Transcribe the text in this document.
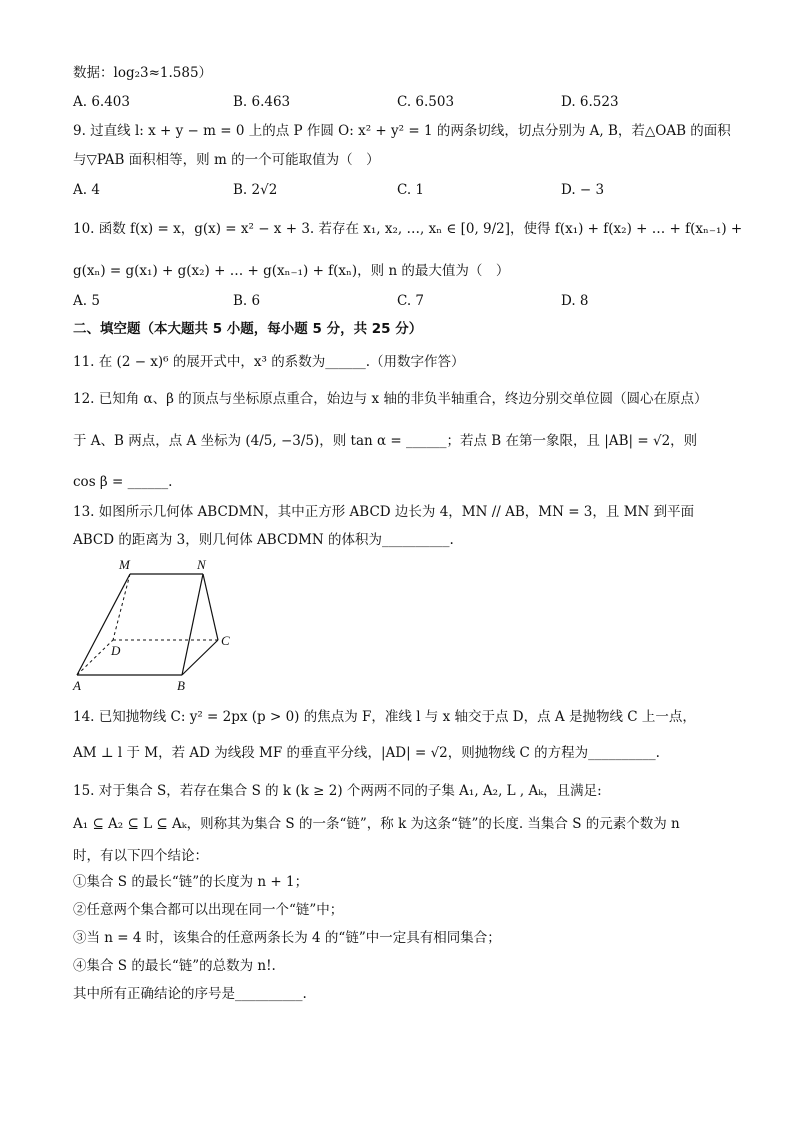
数据：log₂3≈1.585）
A. 6.403	B. 6.463	C. 6.503	D. 6.523
9. 过直线 l: x + y − m = 0 上的点 P 作圆 O: x² + y² = 1 的两条切线，切点分别为 A, B，若△OAB 的面积
与▽PAB 面积相等，则 m 的一个可能取值为（　）
A. 4	B. 2√2	C. 1	D. − 3
10. 函数 f(x) = x，g(x) = x² − x + 3. 若存在 x₁, x₂, …, xₙ ∈ [0, 9/2]，使得 f(x₁) + f(x₂) + … + f(xₙ₋₁) +
g(xₙ) = g(x₁) + g(x₂) + … + g(xₙ₋₁) + f(xₙ)，则 n 的最大值为（　）
A. 5	B. 6	C. 7	D. 8
二、填空题（本大题共 5 小题，每小题 5 分，共 25 分）
11. 在 (2 − x)⁶ 的展开式中，x³ 的系数为______.（用数字作答）
12. 已知角 α、β 的顶点与坐标原点重合，始边与 x 轴的非负半轴重合，终边分别交单位圆（圆心在原点）
于 A、B 两点，点 A 坐标为 (4/5, −3/5)，则 tan α = ______；若点 B 在第一象限，且 |AB| = √2，则
cos β = ______.
13. 如图所示几何体 ABCDMN，其中正方形 ABCD 边长为 4，MN // AB，MN = 3，且 MN 到平面
ABCD 的距离为 3，则几何体 ABCDMN 的体积为__________.
M	N
C
D
A	B
14. 已知抛物线 C: y² = 2px (p > 0) 的焦点为 F，准线 l 与 x 轴交于点 D，点 A 是抛物线 C 上一点，
AM ⊥ l 于 M，若 AD 为线段 MF 的垂直平分线，|AD| = √2，则抛物线 C 的方程为__________.
15. 对于集合 S，若存在集合 S 的 k (k ≥ 2) 个两两不同的子集 A₁, A₂, L , Aₖ，且满足:
A₁ ⊆ A₂ ⊆ L ⊆ Aₖ，则称其为集合 S 的一条“链”，称 k 为这条“链”的长度. 当集合 S 的元素个数为 n
时，有以下四个结论：
①集合 S 的最长“链”的长度为 n + 1；
②任意两个集合都可以出现在同一个“链”中；
③当 n = 4 时，该集合的任意两条长为 4 的“链”中一定具有相同集合；
④集合 S 的最长“链”的总数为 n!.
其中所有正确结论的序号是__________.
